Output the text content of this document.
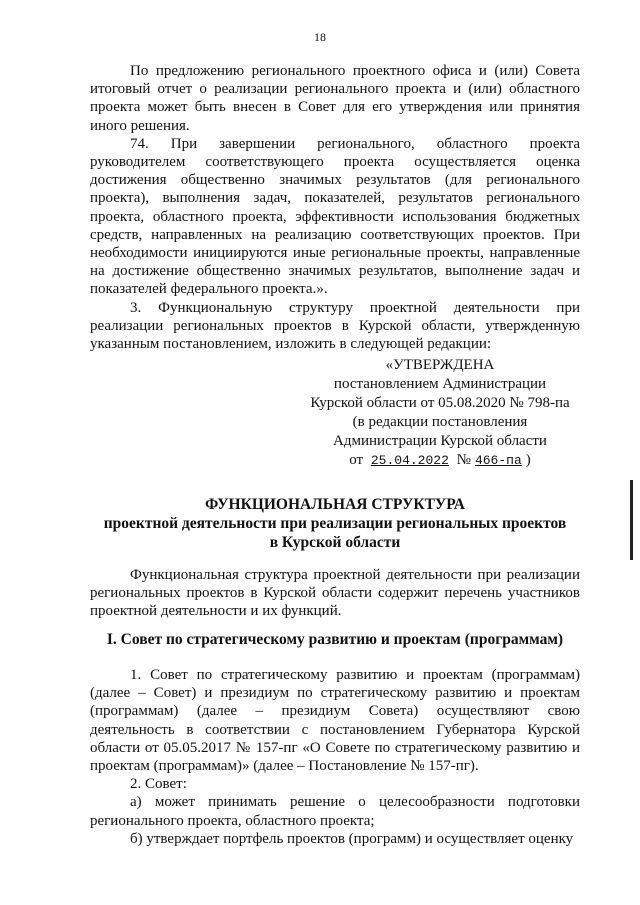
18

По предложению регионального проектного офиса и (или) Совета итоговый отчет о реализации регионального проекта и (или) областного проекта может быть внесен в Совет для его утверждения или принятия иного решения.

74. При завершении регионального, областного проекта руководителем соответствующего проекта осуществляется оценка достижения общественно значимых результатов (для регионального проекта), выполнения задач, показателей, результатов регионального проекта, областного проекта, эффективности использования бюджетных средств, направленных на реализацию соответствующих проектов. При необходимости инициируются иные региональные проекты, направленные на достижение общественно значимых результатов, выполнение задач и показателей федерального проекта.».

3. Функциональную структуру проектной деятельности при реализации региональных проектов в Курской области, утвержденную указанным постановлением, изложить в следующей редакции:

«УТВЕРЖДЕНА
постановлением Администрации
Курской области от 05.08.2020 № 798-па
(в редакции постановления
Администрации Курской области
от 25.04.2022 № 466-па )
ФУНКЦИОНАЛЬНАЯ СТРУКТУРА
проектной деятельности при реализации региональных проектов
в Курской области

Функциональная структура проектной деятельности при реализации региональных проектов в Курской области содержит перечень участников проектной деятельности и их функций.

I. Совет по стратегическому развитию и проектам (программам)

1. Совет по стратегическому развитию и проектам (программам) (далее – Совет) и президиум по стратегическому развитию и проектам (программам) (далее – президиум Совета) осуществляют свою деятельность в соответствии с постановлением Губернатора Курской области от 05.05.2017 № 157-пг «О Совете по стратегическому развитию и проектам (программам)» (далее – Постановление № 157-пг).

2. Совет:

а) может принимать решение о целесообразности подготовки регионального проекта, областного проекта;

б) утверждает портфель проектов (программ) и осуществляет оценку
